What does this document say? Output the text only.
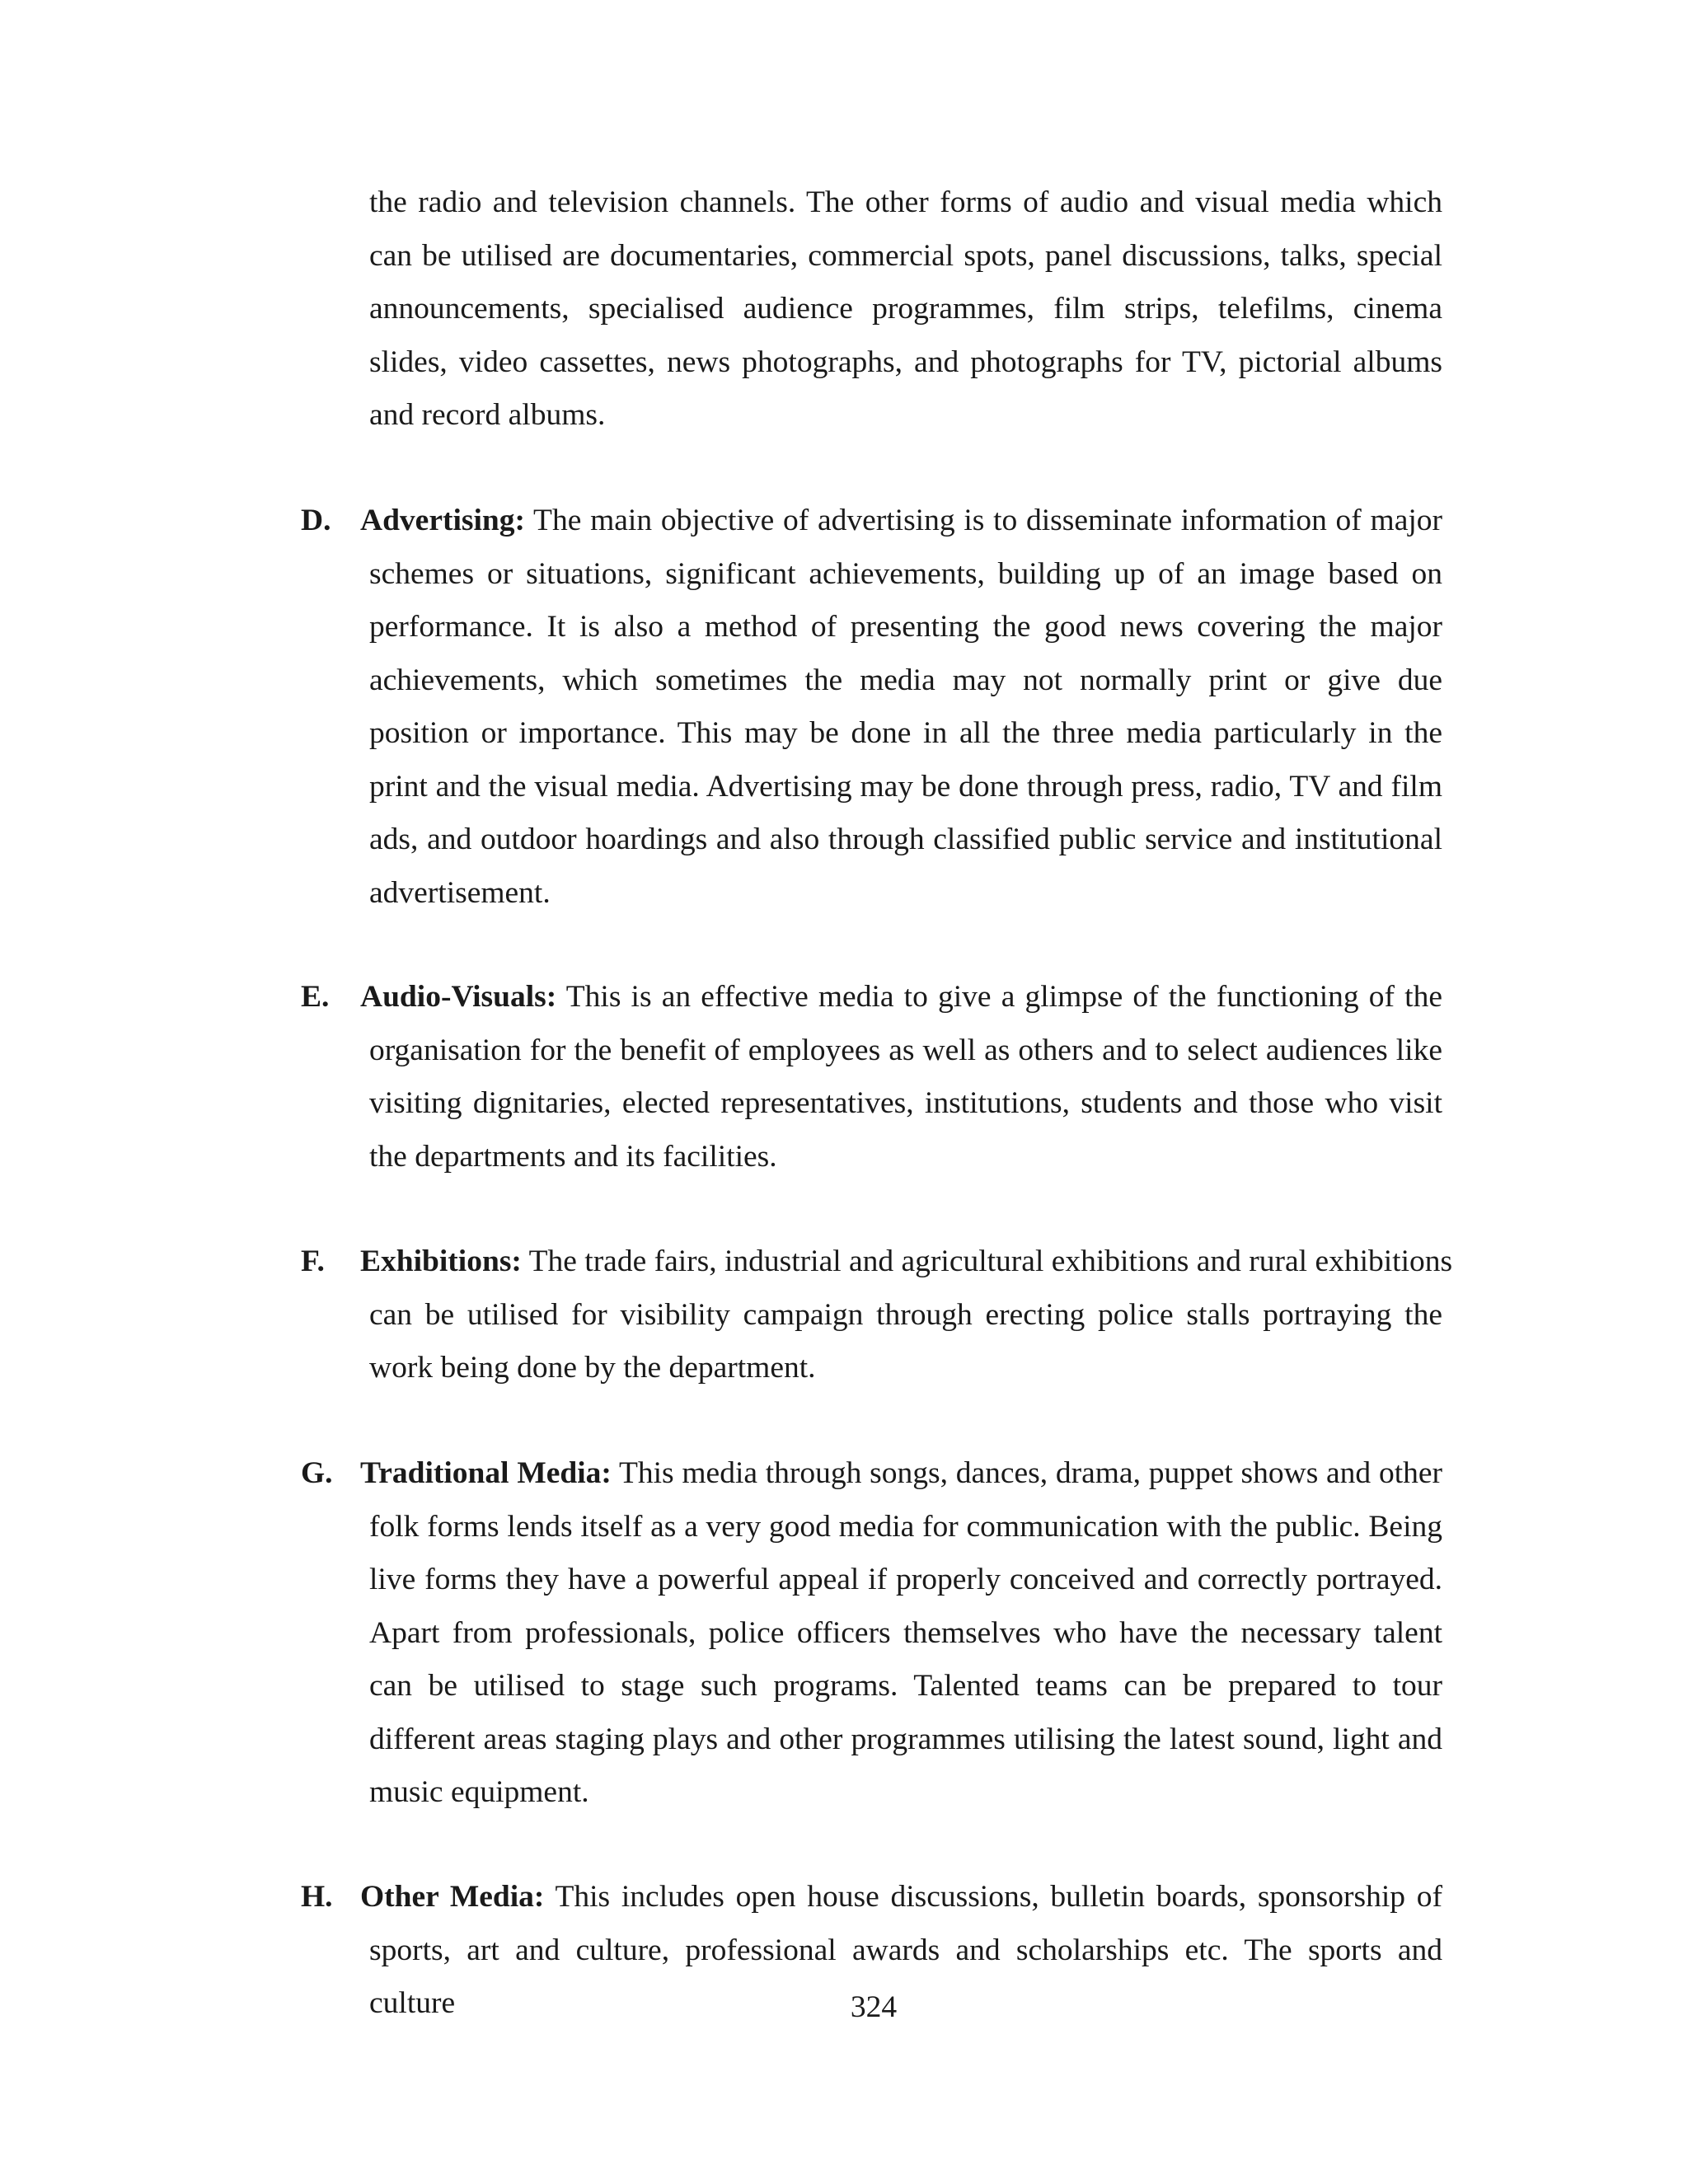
the radio and television channels. The other forms of audio and visual media which can be utilised are documentaries, commercial spots, panel discussions, talks, special announcements, specialised audience programmes, film strips, telefilms, cinema slides, video cassettes, news photographs, and photographs for TV, pictorial albums and record albums.

D. Advertising: The main objective of advertising is to disseminate information of major
schemes or situations, significant achievements, building up of an image based on performance. It is also a method of presenting the good news covering the major achievements, which sometimes the media may not normally print or give due position or importance. This may be done in all the three media particularly in the print and the visual media. Advertising may be done through press, radio, TV and film ads, and outdoor hoardings and also through classified public service and institutional advertisement.
E.	Audio-Visuals: This is an effective media to give a glimpse of the functioning of the
organisation for the benefit of employees as well as others and to select audiences like visiting dignitaries, elected representatives, institutions, students and those who visit the departments and its facilities.
F.	Exhibitions: The trade fairs, industrial and agricultural exhibitions and rural exhibitions
can be utilised for visibility campaign through erecting police stalls portraying the work being done by the department.
G. Traditional Media: This media through songs, dances, drama, puppet shows and other
folk forms lends itself as a very good media for communication with the public. Being live forms they have a powerful appeal if properly conceived and correctly portrayed. Apart from professionals, police officers themselves who have the necessary talent can be utilised to stage such programs. Talented teams can be prepared to tour different areas staging plays and other programmes utilising the latest sound, light and music equipment.
H. Other Media: This includes open house discussions, bulletin boards, sponsorship of
sports, art and culture, professional awards and scholarships etc. The sports and culture	324
